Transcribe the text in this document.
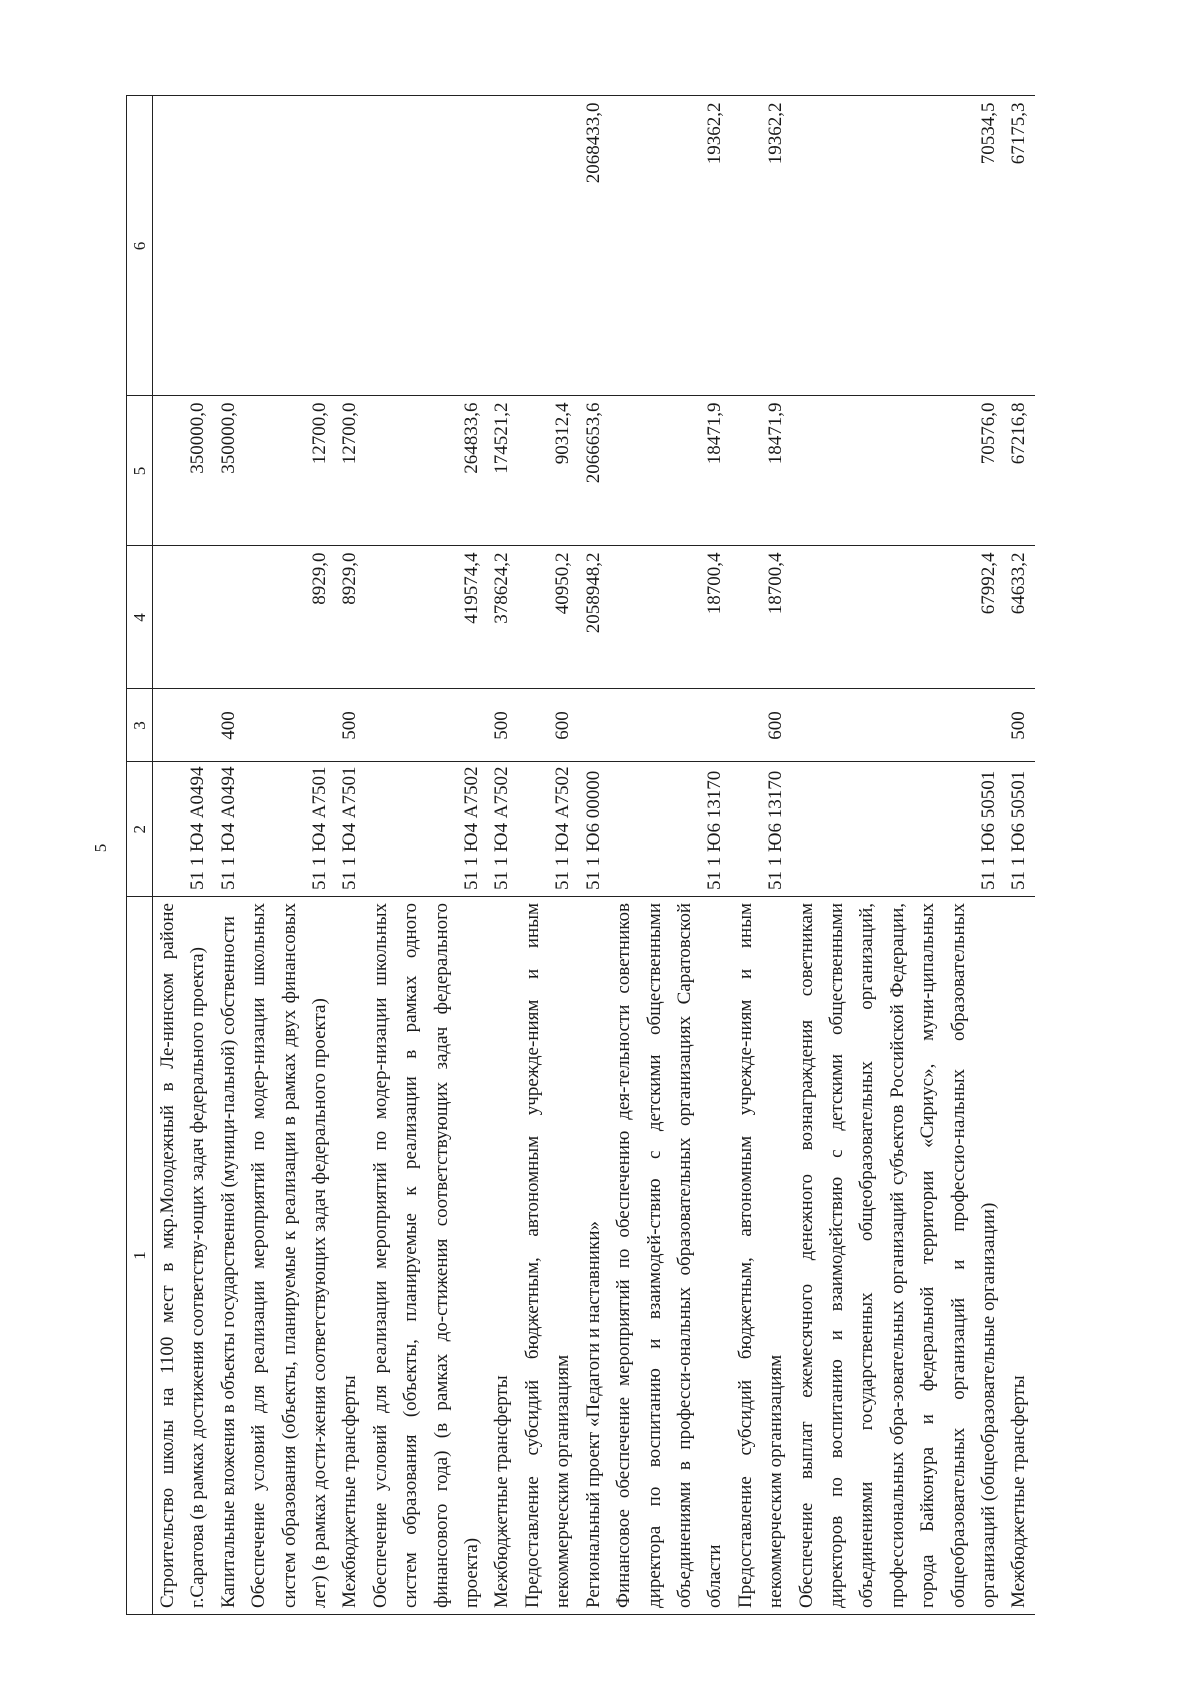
5
1	2	3	4	5	6
Строительство школы на 1100 мест в мкр.Молодежный в Ле-нинском районе г.Саратова (в рамках достижения соответству-ющих задач федерального проекта)	51 1 Ю4 А0494			350000,0	
Капитальные вложения в объекты государственной (муници-пальной) собственности	51 1 Ю4 А0494	400		350000,0	
Обеспечение условий для реализации мероприятий по модер-низации школьных систем образования (объекты, планируемые к реализации в рамках двух финансовых лет) (в рамках дости-жения соответствующих задач федерального проекта)	51 1 Ю4 А7501		8929,0	12700,0	
Межбюджетные трансферты	51 1 Ю4 А7501	500	8929,0	12700,0	
Обеспечение условий для реализации мероприятий по модер-низации школьных систем образования (объекты, планируемые к реализации в рамках одного финансового года) (в рамках до-стижения соответствующих задач федерального проекта)	51 1 Ю4 А7502		419574,4	264833,6	
Межбюджетные трансферты	51 1 Ю4 А7502	500	378624,2	174521,2	
Предоставление субсидий бюджетным, автономным учрежде-ниям и иным некоммерческим организациям	51 1 Ю4 А7502	600	40950,2	90312,4	
Региональный проект «Педагоги и наставники»	51 1 Ю6 00000		2058948,2	2066653,6	2068433,0
Финансовое обеспечение мероприятий по обеспечению дея-тельности советников директора по воспитанию и взаимодей-ствию с детскими общественными объединениями в професси-ональных образовательных организациях Саратовской области	51 1 Ю6 13170		18700,4	18471,9	19362,2
Предоставление субсидий бюджетным, автономным учрежде-ниям и иным некоммерческим организациям	51 1 Ю6 13170	600	18700,4	18471,9	19362,2
Обеспечение выплат ежемесячного денежного вознаграждения советникам директоров по воспитанию и взаимодействию с детскими общественными объединениями государственных общеобразовательных организаций, профессиональных обра-зовательных организаций субъектов Российской Федерации, города Байконура и федеральной территории «Сириус», муни-ципальных общеобразовательных организаций и профессио-нальных образовательных организаций (общеобразовательные организации)	51 1 Ю6 50501		67992,4	70576,0	70534,5
Межбюджетные трансферты	51 1 Ю6 50501	500	64633,2	67216,8	67175,3
